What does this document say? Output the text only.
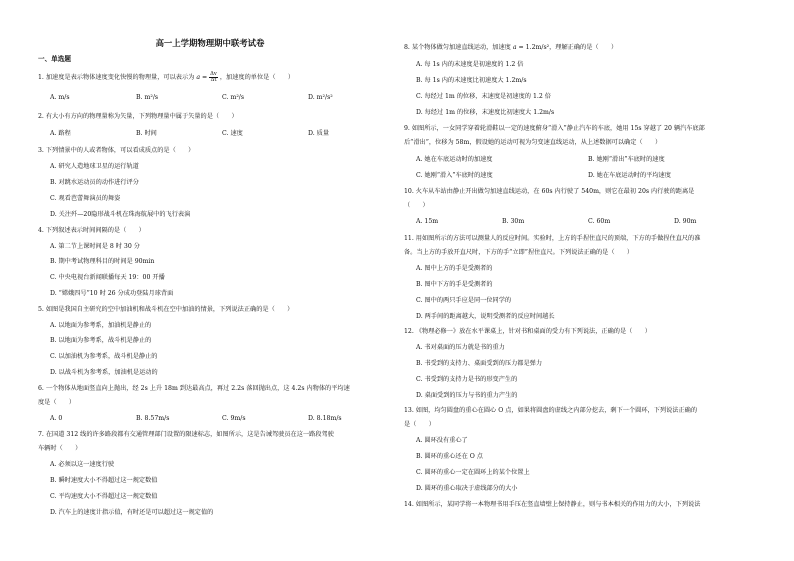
高一上学期物理期中联考试卷
一、单选题
1. 加速度是表示物体速度变化快慢的物理量，可以表示为 $a = \frac{\Delta v}{\Delta t}$ ，加速度的单位是（　　）
A. m/s	B. m²/s	C. m²/s	D. m²/s²
2. 有大小有方向的物理量称为矢量，下列物理量中属于矢量的是（　　）
A. 路程	B. 时间	C. 速度	D. 质量
3. 下列情景中的人或者物体，可以看成质点的是（　　）
A. 研究人造地球卫星的运行轨道
B. 对跳水运动员的动作进行评分
C. 观看芭蕾舞演员的舞姿
D. 关注歼—20隐形战斗机在珠海航展中的飞行表演
4. 下列叙述表示时间间隔的是（　　）
A. 第二节上课时间是 8 时 30 分
B. 期中考试物理科目的时间是 90min
C. 中央电视台新闻联播每天 19：00 开播
D. “嫦娥四号”10 时 26 分成功登陆月球背面
5. 如图是我国自主研究的空中加油机和战斗机在空中加油的情景，下列说法正确的是（　　）
A. 以地面为参考系，加油机是静止的
B. 以地面为参考系，战斗机是静止的
C. 以加油机为参考系，战斗机是静止的
D. 以战斗机为参考系，加油机是运动的
6. 一个物体从地面竖直向上抛出，经 2s 上升 18m 到达最高点，再过 2.2s 落回抛出点，这 4.2s 内物体的平均速
度是（　　）
A. 0	B. 8.57m/s	C. 9m/s	D. 8.18m/s
7. 在国道 312 线的许多路段都有交通管理部门设置的限速标志，如图所示，这是告诫驾驶员在这一路段驾驶
车辆时（　　）
A. 必须以这一速度行驶
B. 瞬时速度大小不得超过这一规定数值
C. 平均速度大小不得超过这一规定数值
D. 汽车上的速度计指示值，有时还是可以超过这一规定值的
8. 某个物体做匀加速直线运动，加速度 a = 1.2m/s²，理解正确的是（　　）
A. 每 1s 内的末速度是初速度的 1.2 倍
B. 每 1s 内的末速度比初速度大 1.2m/s
C. 每经过 1m 的位移，末速度是初速度的 1.2 倍
D. 每经过 1m 的位移，末速度比初速度大 1.2m/s
9. 如图所示，一女同学穿着轮滑鞋以一定的速度俯身“滑入”静止汽车的车底，她用 15s 穿越了 20 辆汽车底部
后“滑出”，位移为 58m，假设她的运动可视为匀变速直线运动，从上述数据可以确定（　　）
A. 她在车底运动时的加速度	B. 她刚“滑出”车底时的速度
C. 她刚“滑入”车底时的速度	D. 她在车底运动时的平均速度
10. 火车从车站由静止开出做匀加速直线运动，在 60s 内行驶了 540m，则它在最初 20s 内行驶的距离是
（　　）
A. 15m	B. 30m	C. 60m	D. 90m
11. 用如图所示的方法可以测量人的反应时间。实验时，上方的手捏住直尺的顶端，下方的手做捏住直尺的准
备。当上方的手放开直尺时，下方的手“立即”捏住直尺。下列说法正确的是（　　）
A. 图中上方的手是受测者的
B. 图中下方的手是受测者的
C. 图中的两只手应是同一位同学的
D. 两手间的距离越大，说明受测者的反应时间越长
12. 《物理必修一》放在水平课桌上，针对书和桌面的受力有下列说法，正确的是（　　）
A. 书对桌面的压力就是书的重力
B. 书受到的支持力、桌面受到的压力都是弹力
C. 书受到的支持力是书的形变产生的
D. 桌面受到的压力与书的重力产生的
13. 如图，均匀圆盘的重心在圆心 O 点，如果将圆盘的虚线之内部分挖去，剩下一个圆环，下列说法正确的
是（　　）
A. 圆环没有重心了
B. 圆环的重心还在 O 点
C. 圆环的重心一定在圆环上的某个位置上
D. 圆环的重心取决于虚线部分的大小
14. 如图所示，某同学将一本物理书用手压在竖直墙壁上保持静止，则与书本相关的作用力的大小，下列说法
